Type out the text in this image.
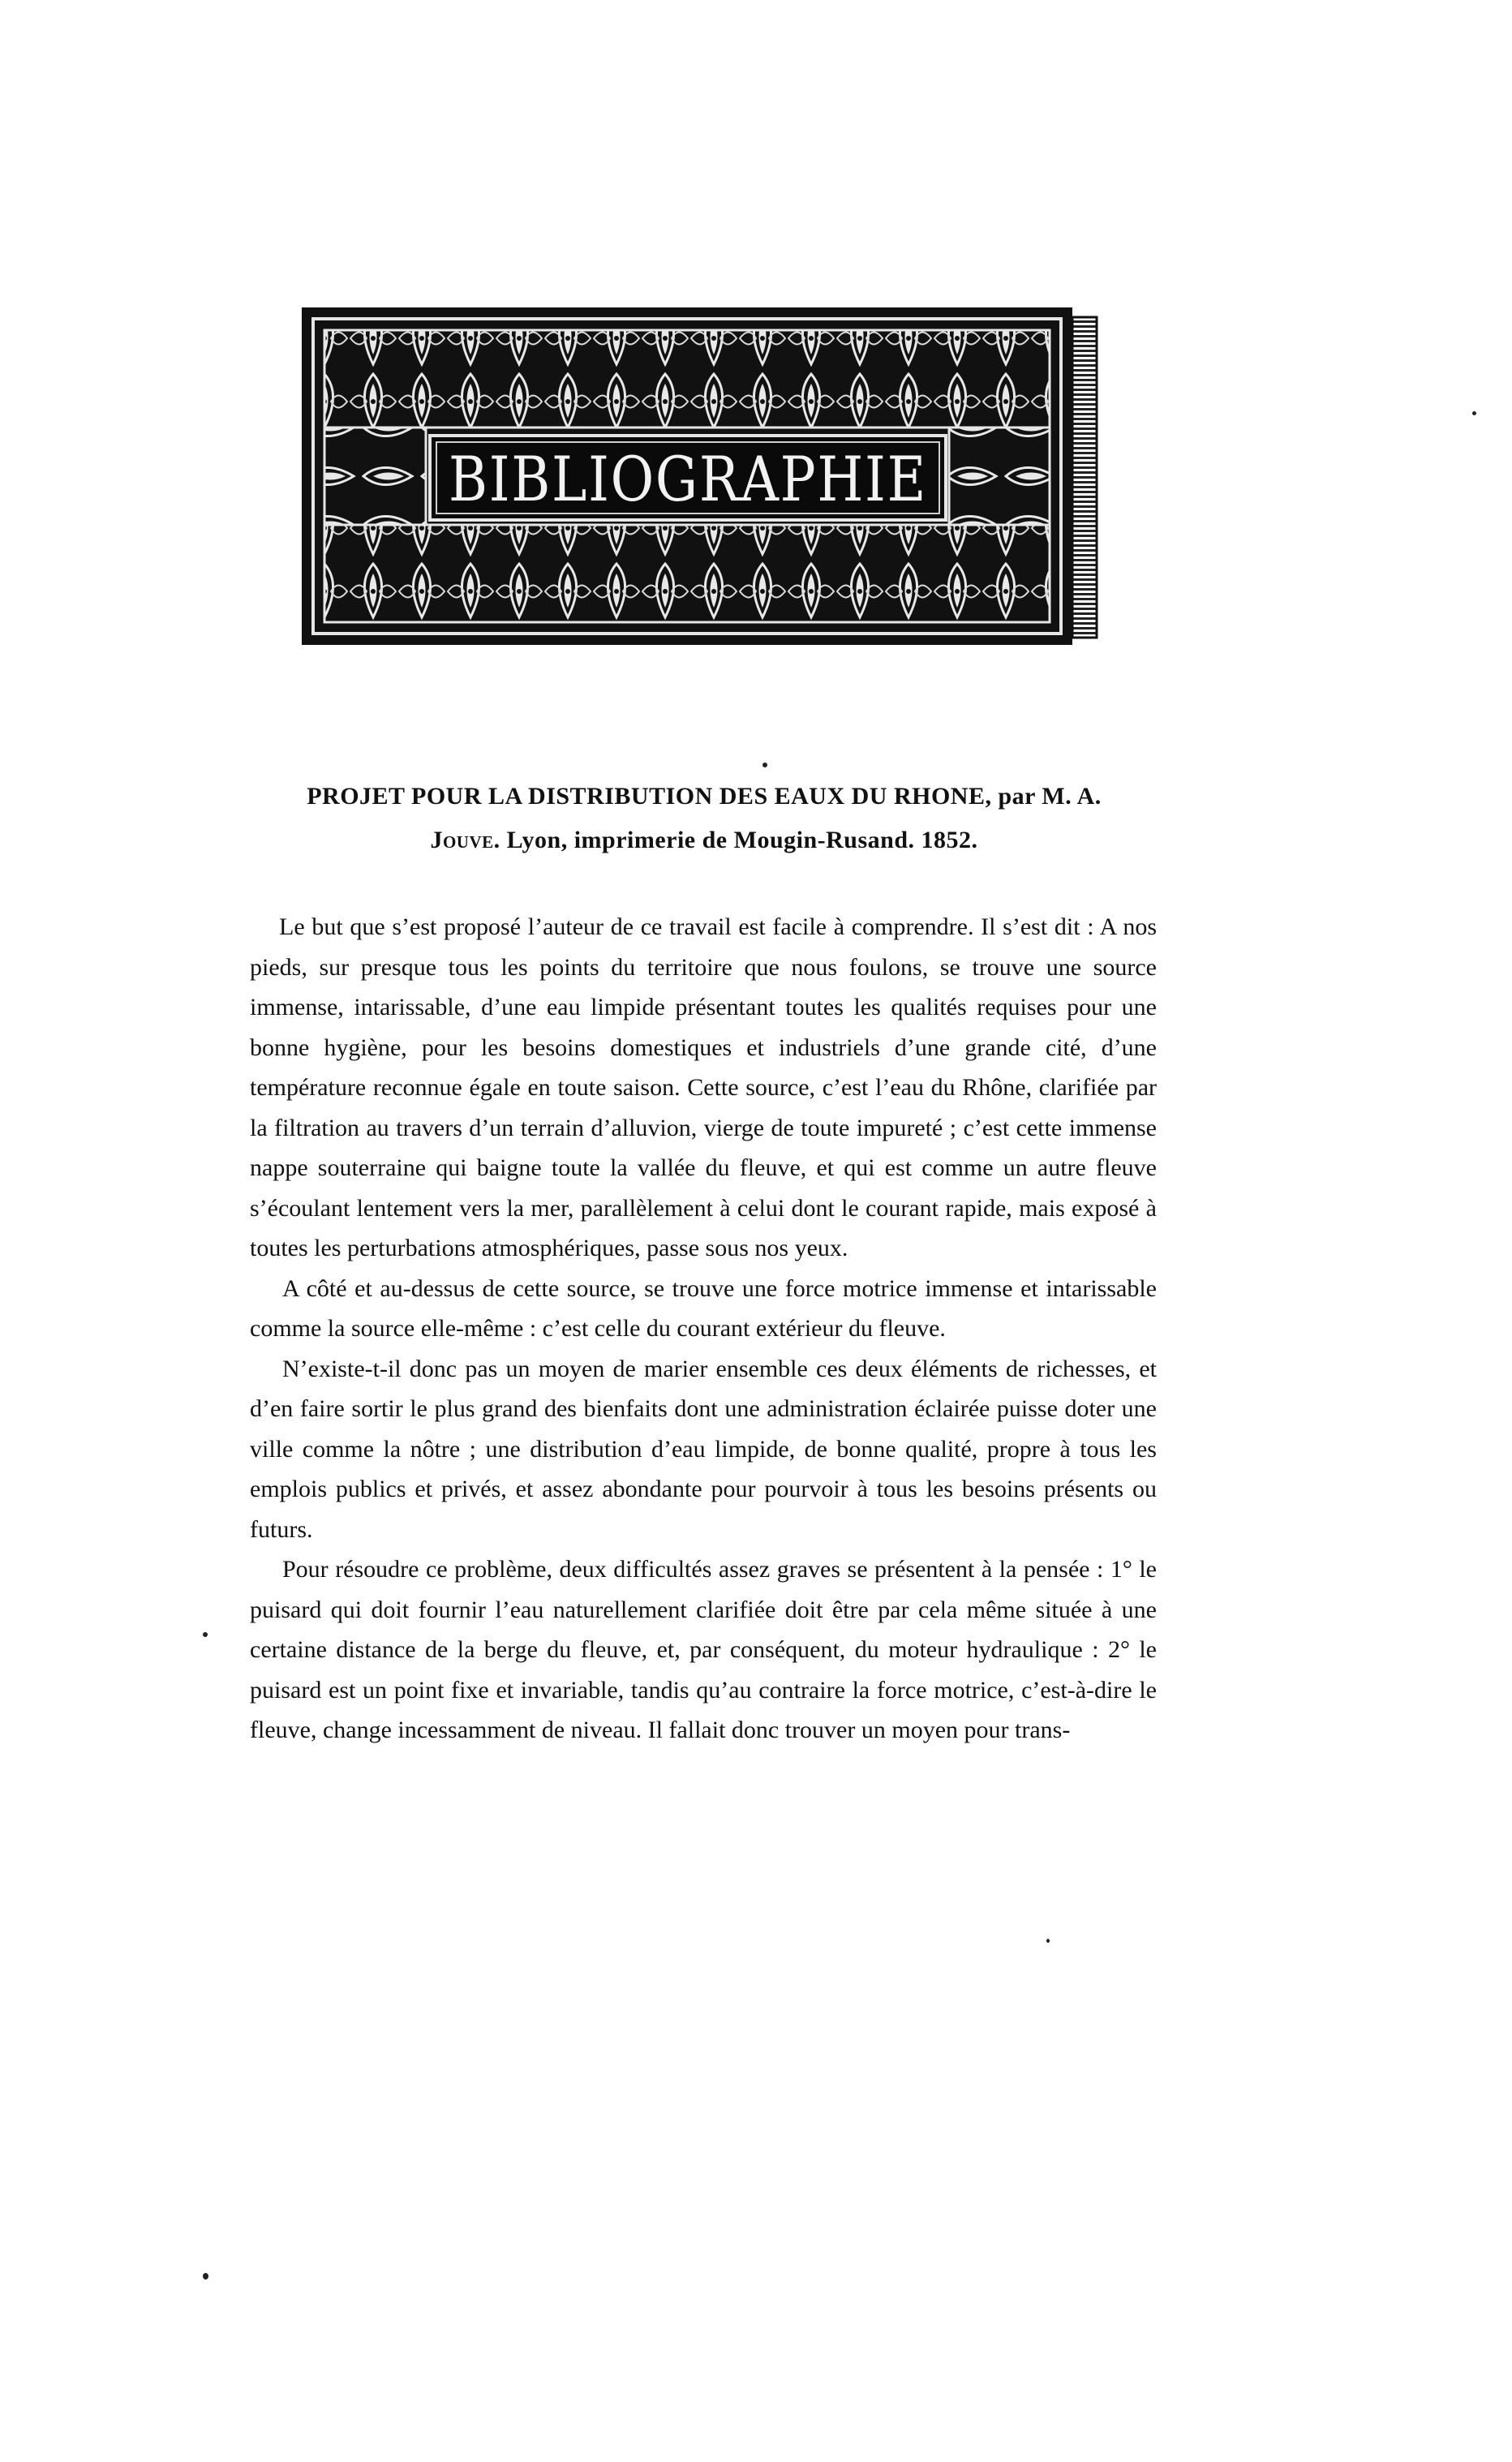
BIBLIOGRAPHIE
PROJET POUR LA DISTRIBUTION DES EAUX DU RHONE, par M. A.
Jouve. Lyon, imprimerie de Mougin-Rusand. 1852.

Le but que s’est proposé l’auteur de ce travail est facile à comprendre. Il s’est dit : A nos pieds, sur presque tous les points du territoire que nous foulons, se trouve une source immense, intarissable, d’une eau limpide présentant toutes les qualités requises pour une bonne hygiène, pour les besoins domestiques et industriels d’une grande cité, d’une température reconnue égale en toute saison. Cette source, c’est l’eau du Rhône, clarifiée par la filtration au travers d’un terrain d’alluvion, vierge de toute impureté ; c’est cette immense nappe souterraine qui baigne toute la vallée du fleuve, et qui est comme un autre fleuve s’écoulant lentement vers la mer, parallèlement à celui dont le courant rapide, mais exposé à toutes les perturbations atmosphériques, passe sous nos yeux.

A côté et au-dessus de cette source, se trouve une force motrice immense et intarissable comme la source elle-même : c’est celle du courant extérieur du fleuve.

N’existe-t-il donc pas un moyen de marier ensemble ces deux éléments de richesses, et d’en faire sortir le plus grand des bienfaits dont une administration éclairée puisse doter une ville comme la nôtre ; une distribution d’eau limpide, de bonne qualité, propre à tous les emplois publics et privés, et assez abondante pour pourvoir à tous les besoins présents ou futurs.

Pour résoudre ce problème, deux difficultés assez graves se présentent à la pensée : 1° le puisard qui doit fournir l’eau naturellement clarifiée doit être par cela même située à une certaine distance de la berge du fleuve, et, par conséquent, du moteur hydraulique : 2° le puisard est un point fixe et invariable, tandis qu’au contraire la force motrice, c’est-à-dire le fleuve, change incessamment de niveau. Il fallait donc trouver un moyen pour trans-
